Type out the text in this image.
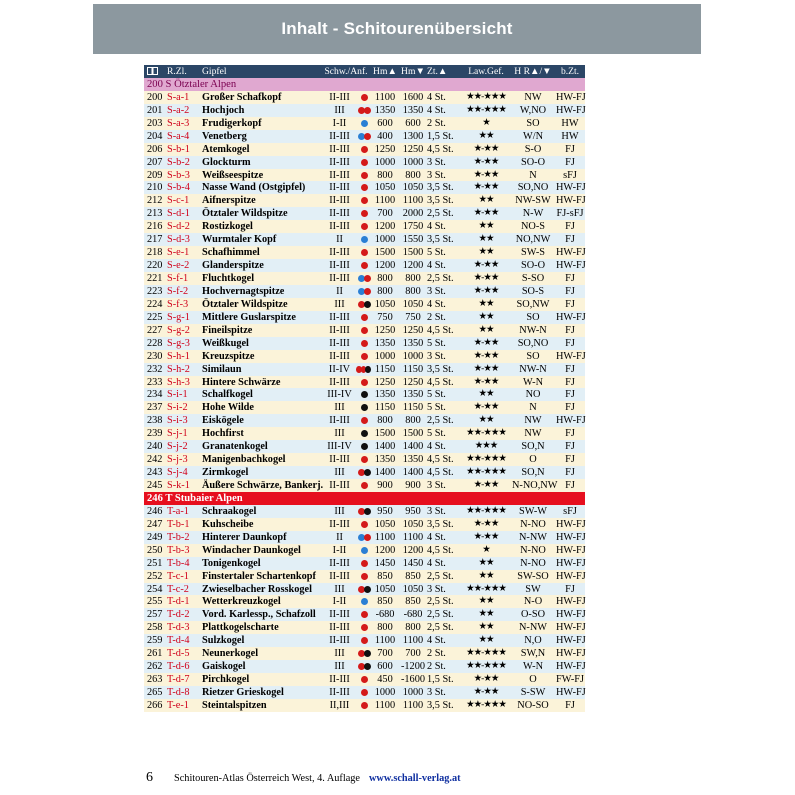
Inhalt - Schitourenübersicht
R.Zl. Gipfel	Schw./Anf. Hm▲ Hm▼ Zt.▲	Law.Gef.	H R▲/▼ b.Zt.
200 S Ötztaler Alpen
200 S-a-1 Großer Schafkopf	II-III	1100 1600 4 St.	★★-★★★	NW	HW-FJ
201 S-a-2 Hochjoch	III	1350 1350 4 St.	★★-★★★	W,NO HW-FJ
203 S-a-3 Frudigerkopf	I-II	600	600 2 St.	★	SO	HW
204 S-a-4 Venetberg	II-III	400 1300 1,5 St.	★★	W/N	HW
206 S-b-1 Atemkogel	II-III	1250 1250 4,5 St.	★-★★	S-O	FJ
207 S-b-2 Glockturm	II-III	1000 1000 3 St.	★-★★	SO-O	FJ
209 S-b-3 Weißseespitze	II-III	800	800 3 St.	★-★★	N	sFJ
210 S-b-4 Nasse Wand (Ostgipfel)	II-III	1050 1050 3,5 St.	★-★★	SO,NO HW-FJ
212 S-c-1 Aifnerspitze	II-III	1100 1100 3,5 St.	★★	NW-SW HW-FJ
213 S-d-1 Ötztaler Wildspitze	II-III	700 2000 2,5 St.	★-★★	N-W	FJ-sFJ
216 S-d-2 Rostizkogel	II-III	1200 1750 4 St.	★★	NO-S	FJ
217 S-d-3 Wurmtaler Kopf	II	1000 1550 3,5 St.	★★	NO,NW	FJ
218 S-e-1 Schafhimmel	II-III	1500 1500 5 St.	★★	SW-S	HW-FJ
220 S-e-2 Glanderspitze	II-III	1200 1200 4 St.	★-★★	SO-O	HW-FJ
221 S-f-1 Fluchtkogel	II-III	800	800 2,5 St.	★-★★	S-SO	FJ
223 S-f-2 Hochvernagtspitze	II	800	800 3 St.	★-★★	SO-S	FJ
224 S-f-3 Ötztaler Wildspitze	III	1050 1050 4 St.	★★	SO,NW	FJ
225 S-g-1 Mittlere Guslarspitze	II-III	750	750 2 St.	★★	SO	HW-FJ
227 S-g-2 Fineilspitze	II-III	1250 1250 4,5 St.	★★	NW-N	FJ
228 S-g-3 Weißkugel	II-III	1350 1350 5 St.	★-★★	SO,NO	FJ
230 S-h-1 Kreuzspitze	II-III	1000 1000 3 St.	★-★★	SO	HW-FJ
232 S-h-2 Similaun	II-IV	1150 1150 3,5 St.	★-★★	NW-N	FJ
233 S-h-3 Hintere Schwärze	II-III	1250 1250 4,5 St.	★-★★	W-N	FJ
234 S-i-1 Schalfkogel	III-IV	1350 1350 5 St.	★★	NO	FJ
237 S-i-2 Hohe Wilde	III	1150 1150 5 St.	★-★★	N	FJ
238 S-i-3 Eiskögele	II-III	800	800 2,5 St.	★★	NW	HW-FJ
239 S-j-1 Hochfirst	III	1500 1500 5 St.	★★-★★★	NW	FJ
240 S-j-2 Granatenkogel	III-IV	1400 1400 4 St.	★★★	SO,N	FJ
242 S-j-3 Manigenbachkogel	II-III	1350 1350 4,5 St.	★★-★★★	O	FJ
243 S-j-4 Zirmkogel	III	1400 1400 4,5 St.	★★-★★★	SO,N	FJ
245 S-k-1 Äußere Schwärze, Bankerj. II-III	900	900 3 St.	★-★★	N-NO,NW FJ
246 T Stubaier Alpen
246 T-a-1 Schraakogel	III	950	950 3 St.	★★-★★★	SW-W	sFJ
247 T-b-1 Kuhscheibe	II-III	1050 1050 3,5 St.	★-★★	N-NO HW-FJ
249 T-b-2 Hinterer Daunkopf	II	1100 1100 4 St.	★-★★	N-NW HW-FJ
250 T-b-3 Windacher Daunkogel	I-II	1200 1200 4,5 St.	★	N-NO HW-FJ
251 T-b-4 Tonigenkogel	II-III	1450 1450 4 St.	★★	N-NO HW-FJ
252 T-c-1 Finstertaler Schartenkopf	II-III	850	850 2,5 St.	★★	SW-SO HW-FJ
254 T-c-2 Zwieselbacher Rosskogel	III	1050 1050 3 St.	★★-★★★	SW	FJ
255 T-d-1 Wetterkreuzkogel	I-II	850	850 2,5 St.	★★	N-O	HW-FJ
257 T-d-2 Vord. Karlessp., Schafzoll	II-III	-680 -680 2,5 St.	★★	O-SO	HW-FJ
258 T-d-3 Plattkogelscharte	II-III	800	800 2,5 St.	★★	N-NW HW-FJ
259 T-d-4 Sulzkogel	II-III	1100 1100 4 St.	★★	N,O	HW-FJ
261 T-d-5 Neunerkogel	III	700	700 2 St.	★★-★★★	SW,N	HW-FJ
262 T-d-6 Gaiskogel	III	600 -1200 2 St.	★★-★★★	W-N	HW-FJ
263 T-d-7 Pirchkogel	II-III	450 -1600 1,5 St.	★-★★	O	FW-FJ
265 T-d-8 Rietzer Grieskogel	II-III	1000 1000 3 St.	★-★★	S-SW	HW-FJ
266 T-e-1 Steintalspitzen	II,III	1100 1100 3,5 St.	★★-★★★	NO-SO	FJ
6 Schitouren-Atlas Österreich West, 4. Auflage www.schall-verlag.at
